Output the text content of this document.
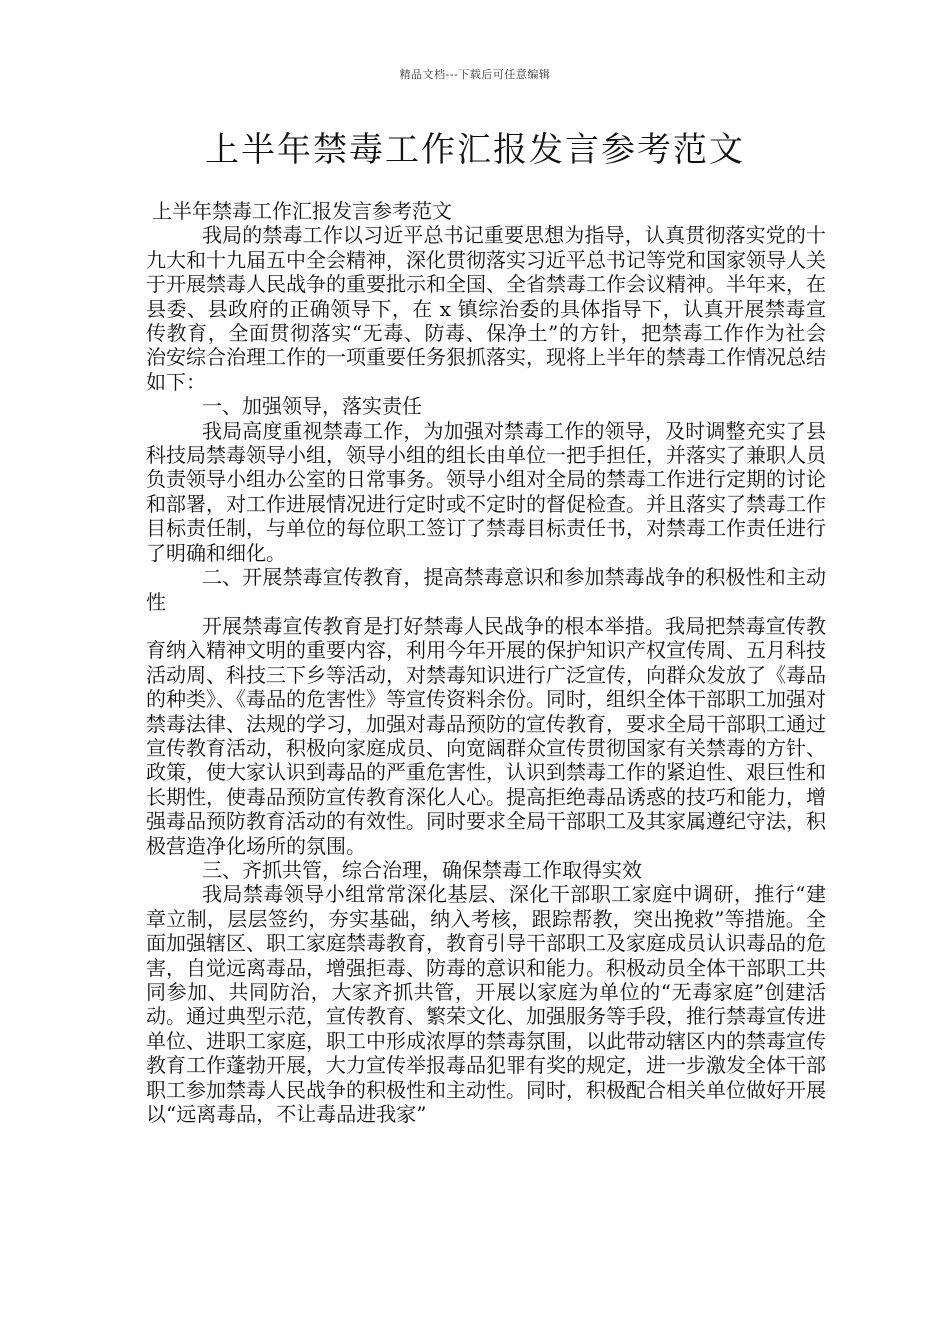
精品文档---下载后可任意编辑
上半年禁毒工作汇报发言参考范文

上半年禁毒工作汇报发言参考范文

我局的禁毒工作以习近平总书记重要思想为指导，认真贯彻落实党的十九大和十九届五中全会精神，深化贯彻落实习近平总书记等党和国家领导人关于开展禁毒人民战争的重要批示和全国、全省禁毒工作会议精神。半年来，在县委、县政府的正确领导下，在 x 镇综治委的具体指导下，认真开展禁毒宣传教育，全面贯彻落实“无毒、防毒、保净土”的方针，把禁毒工作作为社会治安综合治理工作的一项重要任务狠抓落实，现将上半年的禁毒工作情况总结如下：

一、加强领导，落实责任

我局高度重视禁毒工作，为加强对禁毒工作的领导，及时调整充实了县科技局禁毒领导小组，领导小组的组长由单位一把手担任，并落实了兼职人员负责领导小组办公室的日常事务。领导小组对全局的禁毒工作进行定期的讨论和部署，对工作进展情况进行定时或不定时的督促检查。并且落实了禁毒工作目标责任制，与单位的每位职工签订了禁毒目标责任书，对禁毒工作责任进行了明确和细化。

二、开展禁毒宣传教育，提高禁毒意识和参加禁毒战争的积极性和主动性

开展禁毒宣传教育是打好禁毒人民战争的根本举措。我局把禁毒宣传教育纳入精神文明的重要内容，利用今年开展的保护知识产权宣传周、五月科技活动周、科技三下乡等活动，对禁毒知识进行广泛宣传，向群众发放了《毒品的种类》、《毒品的危害性》等宣传资料余份。同时，组织全体干部职工加强对禁毒法律、法规的学习，加强对毒品预防的宣传教育，要求全局干部职工通过宣传教育活动，积极向家庭成员、向宽阔群众宣传贯彻国家有关禁毒的方针、政策，使大家认识到毒品的严重危害性，认识到禁毒工作的紧迫性、艰巨性和长期性，使毒品预防宣传教育深化人心。提高拒绝毒品诱惑的技巧和能力，增强毒品预防教育活动的有效性。同时要求全局干部职工及其家属遵纪守法，积极营造净化场所的氛围。

三、齐抓共管，综合治理，确保禁毒工作取得实效

我局禁毒领导小组常常深化基层、深化干部职工家庭中调研，推行“建章立制，层层签约，夯实基础，纳入考核，跟踪帮教，突出挽救”等措施。全面加强辖区、职工家庭禁毒教育，教育引导干部职工及家庭成员认识毒品的危害，自觉远离毒品，增强拒毒、防毒的意识和能力。积极动员全体干部职工共同参加、共同防治，大家齐抓共管，开展以家庭为单位的“无毒家庭”创建活动。通过典型示范，宣传教育、繁荣文化、加强服务等手段，推行禁毒宣传进单位、进职工家庭，职工中形成浓厚的禁毒氛围，以此带动辖区内的禁毒宣传教育工作蓬勃开展，大力宣传举报毒品犯罪有奖的规定，进一步激发全体干部职工参加禁毒人民战争的积极性和主动性。同时，积极配合相关单位做好开展以“远离毒品，不让毒品进我家”
